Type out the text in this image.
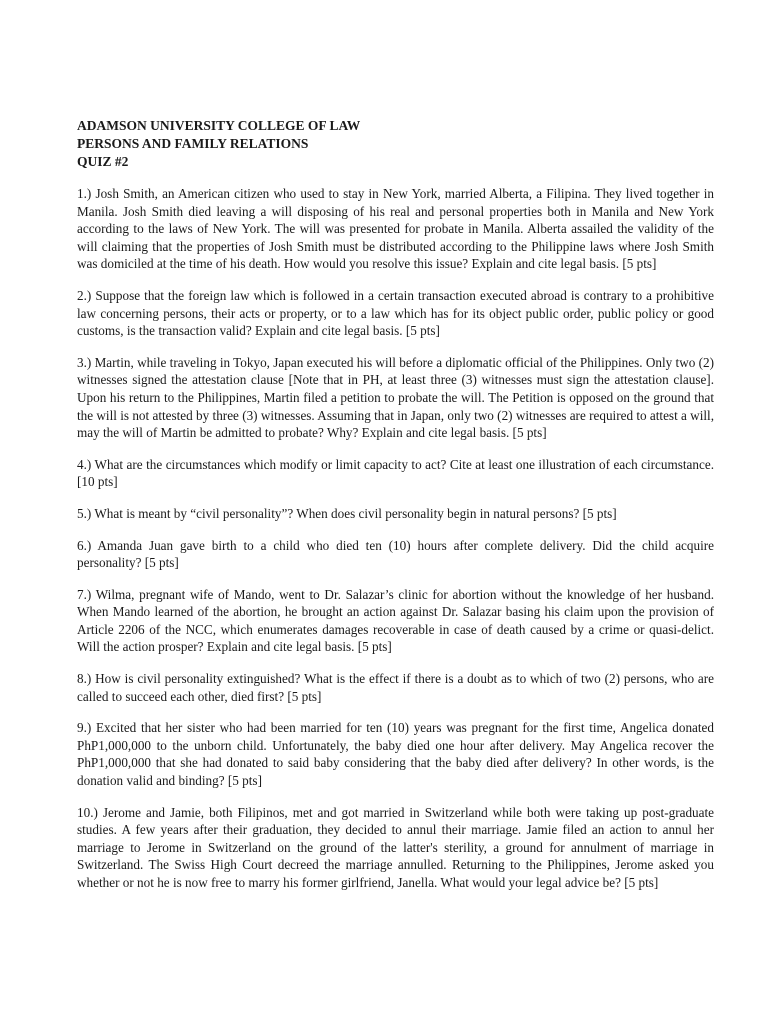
ADAMSON UNIVERSITY COLLEGE OF LAW

PERSONS AND FAMILY RELATIONS

QUIZ #2

1.) Josh Smith, an American citizen who used to stay in New York, married Alberta, a Filipina. They lived together in Manila. Josh Smith died leaving a will disposing of his real and personal properties both in Manila and New York according to the laws of New York. The will was presented for probate in Manila. Alberta assailed the validity of the will claiming that the properties of Josh Smith must be distributed according to the Philippine laws where Josh Smith was domiciled at the time of his death. How would you resolve this issue? Explain and cite legal basis. [5 pts]

2.) Suppose that the foreign law which is followed in a certain transaction executed abroad is contrary to a prohibitive law concerning persons, their acts or property, or to a law which has for its object public order, public policy or good customs, is the transaction valid? Explain and cite legal basis. [5 pts]

3.) Martin, while traveling in Tokyo, Japan executed his will before a diplomatic official of the Philippines. Only two (2) witnesses signed the attestation clause [Note that in PH, at least three (3) witnesses must sign the attestation clause]. Upon his return to the Philippines, Martin filed a petition to probate the will. The Petition is opposed on the ground that the will is not attested by three (3) witnesses. Assuming that in Japan, only two (2) witnesses are required to attest a will, may the will of Martin be admitted to probate? Why? Explain and cite legal basis. [5 pts]

4.) What are the circumstances which modify or limit capacity to act? Cite at least one illustration of each circumstance. [10 pts]

5.) What is meant by “civil personality”? When does civil personality begin in natural persons? [5 pts]

6.) Amanda Juan gave birth to a child who died ten (10) hours after complete delivery. Did the child acquire personality? [5 pts]

7.) Wilma, pregnant wife of Mando, went to Dr. Salazar’s clinic for abortion without the knowledge of her husband. When Mando learned of the abortion, he brought an action against Dr. Salazar basing his claim upon the provision of Article 2206 of the NCC, which enumerates damages recoverable in case of death caused by a crime or quasi-delict. Will the action prosper? Explain and cite legal basis. [5 pts]

8.) How is civil personality extinguished? What is the effect if there is a doubt as to which of two (2) persons, who are called to succeed each other, died first? [5 pts]

9.) Excited that her sister who had been married for ten (10) years was pregnant for the first time, Angelica donated PhP1,000,000 to the unborn child. Unfortunately, the baby died one hour after delivery. May Angelica recover the PhP1,000,000 that she had donated to said baby considering that the baby died after delivery? In other words, is the donation valid and binding? [5 pts]

10.) Jerome and Jamie, both Filipinos, met and got married in Switzerland while both were taking up post-graduate studies. A few years after their graduation, they decided to annul their marriage. Jamie filed an action to annul her marriage to Jerome in Switzerland on the ground of the latter's sterility, a ground for annulment of marriage in Switzerland. The Swiss High Court decreed the marriage annulled. Returning to the Philippines, Jerome asked you whether or not he is now free to marry his former girlfriend, Janella. What would your legal advice be? [5 pts]
